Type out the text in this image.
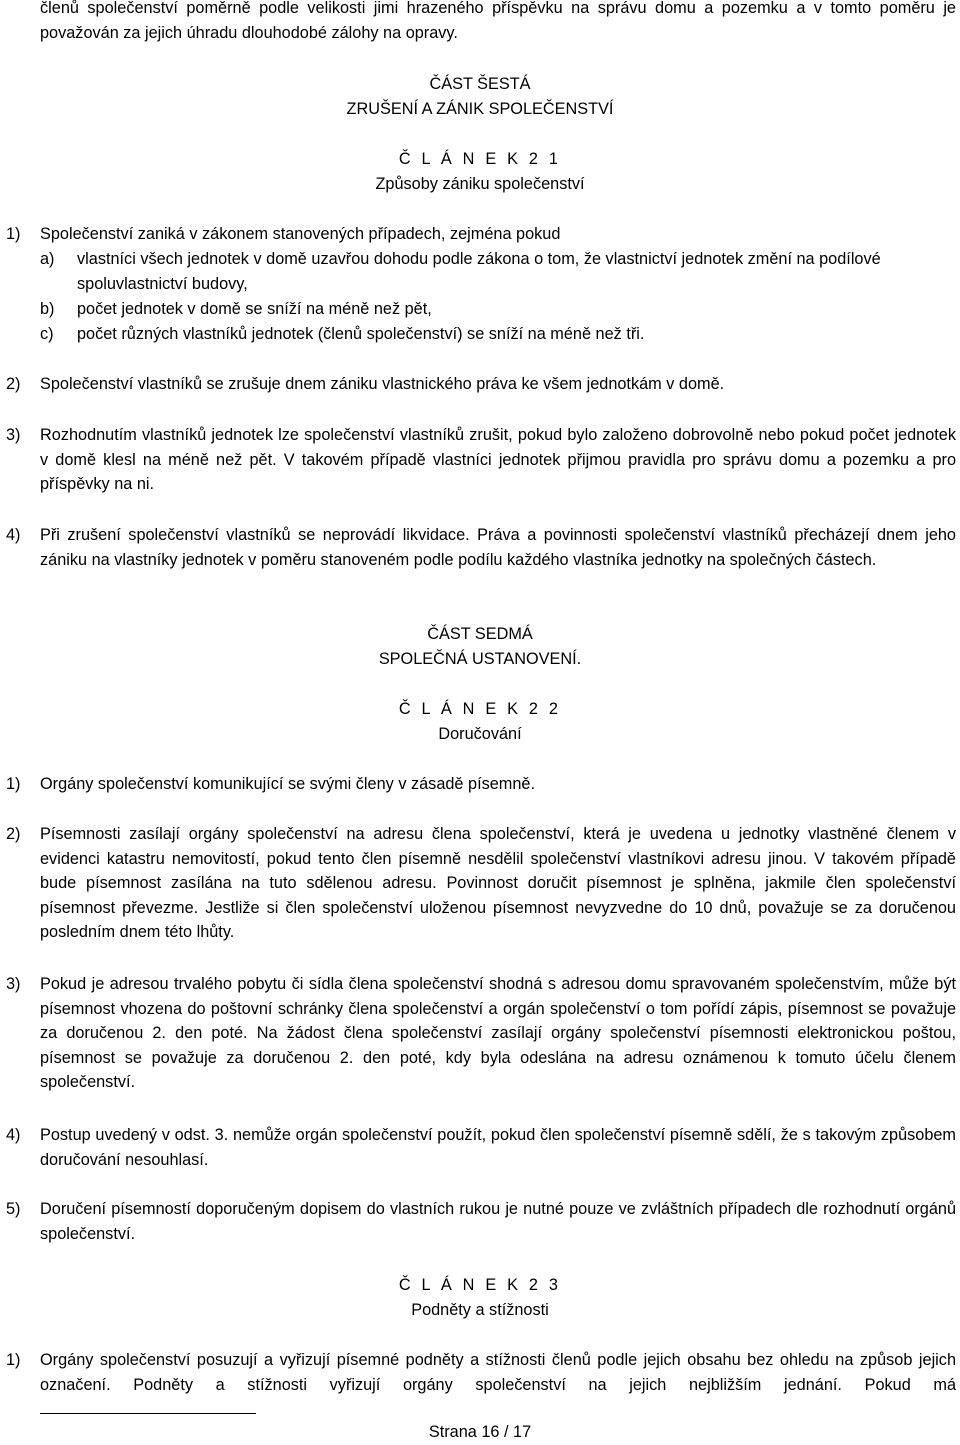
členů společenství poměrně podle velikosti jimi hrazeného příspěvku na správu domu a pozemku a v tomto poměru je považován za jejich úhradu dlouhodobé zálohy na opravy.

ČÁST ŠESTÁ
ZRUŠENÍ A ZÁNIK SPOLEČENSTVÍ
Č L Á N E K 2 1
Způsoby zániku společenství
1) Společenství zaniká v zákonem stanovených případech, zejména pokud
a) vlastníci všech jednotek v domě uzavřou dohodu podle zákona o tom, že vlastnictví jednotek změní na podílové spoluvlastnictví budovy,
b) počet jednotek v domě se sníží na méně než pět,
c) počet různých vlastníků jednotek (členů společenství) se sníží na méně než tři.
2) Společenství vlastníků se zrušuje dnem zániku vlastnického práva ke všem jednotkám v domě.
3) Rozhodnutím vlastníků jednotek lze společenství vlastníků zrušit, pokud bylo založeno dobrovolně nebo pokud počet jednotek v domě klesl na méně než pět. V takovém případě vlastníci jednotek přijmou pravidla pro správu domu a pozemku a pro příspěvky na ni.
4) Při zrušení společenství vlastníků se neprovádí likvidace. Práva a povinnosti společenství vlastníků přecházejí dnem jeho zániku na vlastníky jednotek v poměru stanoveném podle podílu každého vlastníka jednotky na společných částech.
ČÁST SEDMÁ
SPOLEČNÁ USTANOVENÍ.
Č L Á N E K 2 2
Doručování
1) Orgány společenství komunikující se svými členy v zásadě písemně.
2) Písemnosti zasílají orgány společenství na adresu člena společenství, která je uvedena u jednotky vlastněné členem v evidenci katastru nemovitostí, pokud tento člen písemně nesdělil společenství vlastníkovi adresu jinou. V takovém případě bude písemnost zasílána na tuto sdělenou adresu. Povinnost doručit písemnost je splněna, jakmile člen společenství písemnost převezme. Jestliže si člen společenství uloženou písemnost nevyzvedne do 10 dnů, považuje se za doručenou posledním dnem této lhůty.
3) Pokud je adresou trvalého pobytu či sídla člena společenství shodná s adresou domu spravovaném společenstvím, může být písemnost vhozena do poštovní schránky člena společenství a orgán společenství o tom pořídí zápis, písemnost se považuje za doručenou 2. den poté. Na žádost člena společenství zasílají orgány společenství písemnosti elektronickou poštou, písemnost se považuje za doručenou 2. den poté, kdy byla odeslána na adresu oznámenou k tomuto účelu členem společenství.
4) Postup uvedený v odst. 3. nemůže orgán společenství použít, pokud člen společenství písemně sdělí, že s takovým způsobem doručování nesouhlasí.
5) Doručení písemností doporučeným dopisem do vlastních rukou je nutné pouze ve zvláštních případech dle rozhodnutí orgánů společenství.
Č L Á N E K 2 3
Podněty a stížnosti
1) Orgány společenství posuzují a vyřizují písemné podněty a stížnosti členů podle jejich obsahu bez ohledu na způsob jejich označení. Podněty a stížnosti vyřizují orgány společenství na jejich nejbližším jednání. Pokud má
Strana 16 / 17
